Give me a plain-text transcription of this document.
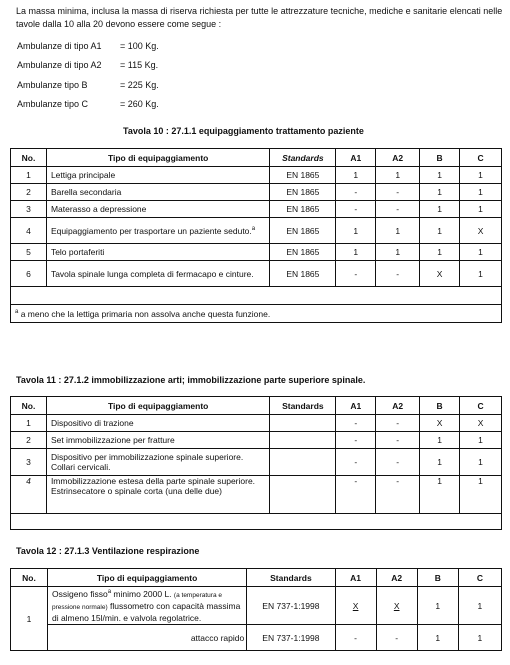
La massa minima, inclusa la massa di riserva richiesta per tutte le attrezzature tecniche, mediche e sanitarie elencati nelle tavole dalla 10 alla 20 devono essere come segue :
Ambulanze di tipo A1 = 100 Kg.
Ambulanze di tipo A2 = 115 Kg.
Ambulanze tipo B	= 225 Kg.
Ambulanze tipo C	= 260 Kg.
Tavola 10 : 27.1.1 equipaggiamento trattamento paziente
No.	Tipo di equipaggiamento	Standards	A1	A2	B	C
1	Lettiga principale	EN 1865	1	1	1	1
2	Barella secondaria	EN 1865	-	-	1	1
3	Materasso a depressione	EN 1865	-	-	1	1
4	Equipaggiamento per trasportare un paziente seduto.$^a$	EN 1865	1	1	1	X
5	Telo portaferiti	EN 1865	1	1	1	1
6	Tavola spinale lunga completa di fermacapo e cinture.	EN 1865	-	-	X	1

$^a$ a meno che la lettiga primaria non assolva anche questa funzione.						
Tavola 11 : 27.1.2 immobilizzazione arti; immobilizzazione parte superiore spinale.
No.	Tipo di equipaggiamento	Standards	A1	A2	B	C
1	Dispositivo di trazione		-	-	X	X
2	Set immobilizzazione per fratture		-	-	1	1
3	Dispositivo per immobilizzazione spinale superiore. Collari cervicali.		-	-	1	1
4	Immobilizzazione estesa della parte spinale superiore. Estrinsecatore o spinale corta (una delle due)		-	-	1	1

Tavola 12 : 27.1.3 Ventilazione respirazione
No.	Tipo di equipaggiamento	Standards	A1	A2	B	C
1	Ossigeno fisso$^a$ minimo 2000 L. (a temperatura e pressione normale) flussometro con capacità massima di almeno 15l/min. e valvola regolatrice.	EN 737-1:1998	X	X	1	1
	attacco rapido	EN 737-1:1998	-	-	1	1
